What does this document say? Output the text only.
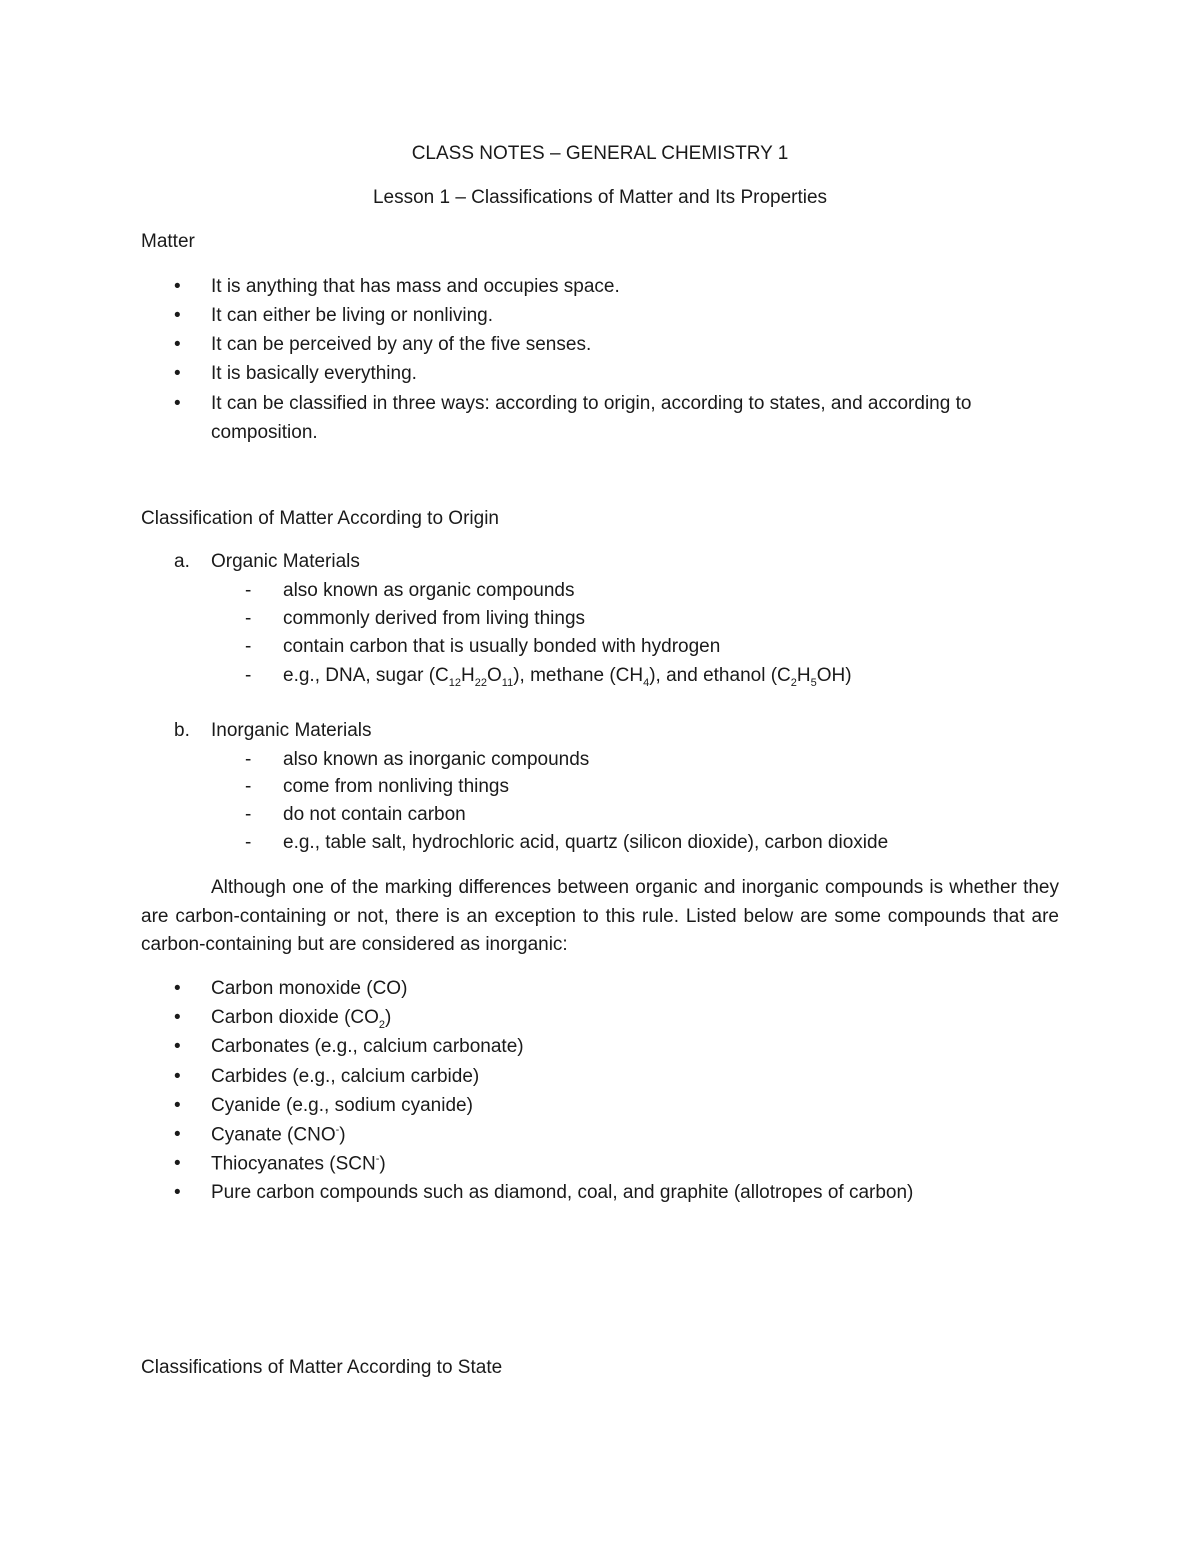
CLASS NOTES – GENERAL CHEMISTRY 1

Lesson 1 – Classifications of Matter and Its Properties

Matter

• It is anything that has mass and occupies space.
• It can either be living or nonliving.
• It can be perceived by any of the five senses.
• It is basically everything.
• It can be classified in three ways: according to origin, according to states, and according to composition.

Classification of Matter According to Origin

a. Organic Materials

- also known as organic compounds
- commonly derived from living things
- contain carbon that is usually bonded with hydrogen
- e.g., DNA, sugar $(C_{12}H_{22}O_{11})$, methane $(CH_4)$, and ethanol $(C_2H_5OH)$

b. Inorganic Materials

- also known as inorganic compounds
- come from nonliving things
- do not contain carbon
- e.g., table salt, hydrochloric acid, quartz (silicon dioxide), carbon dioxide

Although one of the marking differences between organic and inorganic compounds is whether they are carbon-containing or not, there is an exception to this rule. Listed below are some compounds that are carbon-containing but are considered as inorganic:

• Carbon monoxide (CO)
• Carbon dioxide $(CO_2)$
• Carbonates (e.g., calcium carbonate)
• Carbides (e.g., calcium carbide)
• Cyanide (e.g., sodium cyanide)
• Cyanate (CNO-)
• Thiocyanates (SCN-)
• Pure carbon compounds such as diamond, coal, and graphite (allotropes of carbon)

Classifications of Matter According to State
